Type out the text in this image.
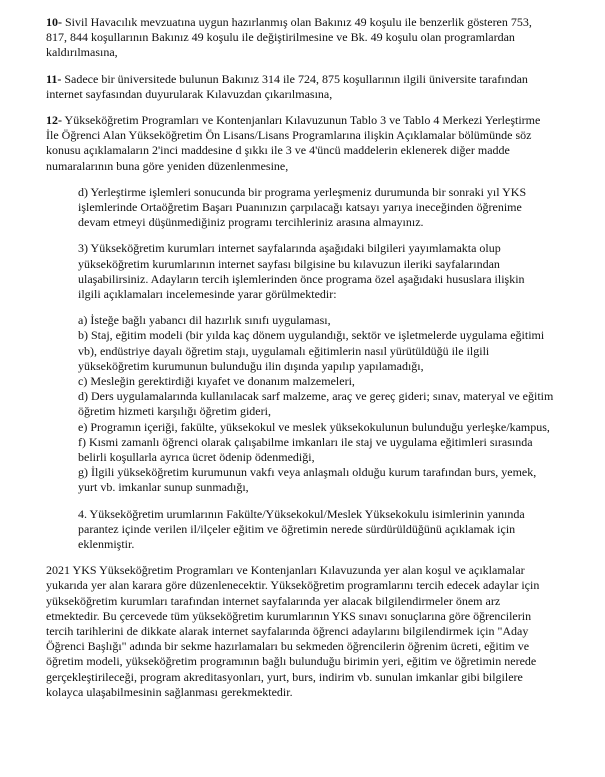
10- Sivil Havacılık mevzuatına uygun hazırlanmış olan Bakınız 49 koşulu ile benzerlik gösteren 753,
817, 844 koşullarının Bakınız 49 koşulu ile değiştirilmesine ve Bk. 49 koşulu olan programlardan
kaldırılmasına,
11- Sadece bir üniversitede bulunun Bakınız 314 ile 724, 875 koşullarının ilgili üniversite tarafından
internet sayfasından duyurularak Kılavuzdan çıkarılmasına,
12- Yükseköğretim Programları ve Kontenjanları Kılavuzunun Tablo 3 ve Tablo 4 Merkezi Yerleştirme
İle Öğrenci Alan Yükseköğretim Ön Lisans/Lisans Programlarına ilişkin Açıklamalar bölümünde söz
konusu açıklamaların 2'inci maddesine d şıkkı ile 3 ve 4'üncü maddelerin eklenerek diğer madde
numaralarının buna göre yeniden düzenlenmesine,
d) Yerleştirme işlemleri sonucunda bir programa yerleşmeniz durumunda bir sonraki yıl YKS
işlemlerinde Ortaöğretim Başarı Puanınızın çarpılacağı katsayı yarıya ineceğinden öğrenime
devam etmeyi düşünmediğiniz programı tercihleriniz arasına almayınız.
3) Yükseköğretim kurumları internet sayfalarında aşağıdaki bilgileri yayımlamakta olup
yükseköğretim kurumlarının internet sayfası bilgisine bu kılavuzun ileriki sayfalarından
ulaşabilirsiniz. Adayların tercih işlemlerinden önce programa özel aşağıdaki hususlara ilişkin
ilgili açıklamaları incelemesinde yarar görülmektedir:
a) İsteğe bağlı yabancı dil hazırlık sınıfı uygulaması,
b) Staj, eğitim modeli (bir yılda kaç dönem uygulandığı, sektör ve işletmelerde uygulama eğitimi
vb), endüstriye dayalı öğretim stajı, uygulamalı eğitimlerin nasıl yürütüldüğü ile ilgili
yükseköğretim kurumunun bulunduğu ilin dışında yapılıp yapılamadığı,
c) Mesleğin gerektirdiği kıyafet ve donanım malzemeleri,
d) Ders uygulamalarında kullanılacak sarf malzeme, araç ve gereç gideri; sınav, materyal ve eğitim
öğretim hizmeti karşılığı öğretim gideri,
e) Programın içeriği, fakülte, yüksekokul ve meslek yüksekokulunun bulunduğu yerleşke/kampus,
f) Kısmi zamanlı öğrenci olarak çalışabilme imkanları ile staj ve uygulama eğitimleri sırasında
belirli koşullarla ayrıca ücret ödenip ödenmediği,
g) İlgili yükseköğretim kurumunun vakfı veya anlaşmalı olduğu kurum tarafından burs, yemek,
yurt vb. imkanlar sunup sunmadığı,
4. Yükseköğretim urumlarının Fakülte/Yüksekokul/Meslek Yüksekokulu isimlerinin yanında
parantez içinde verilen il/ilçeler eğitim ve öğretimin nerede sürdürüldüğünü açıklamak için
eklenmiştir.
2021 YKS Yükseköğretim Programları ve Kontenjanları Kılavuzunda yer alan koşul ve açıklamalar
yukarıda yer alan karara göre düzenlenecektir. Yükseköğretim programlarını tercih edecek adaylar için
yükseköğretim kurumları tarafından internet sayfalarında yer alacak bilgilendirmeler önem arz
etmektedir. Bu çercevede tüm yükseköğretim kurumlarının YKS sınavı sonuçlarına göre öğrencilerin
tercih tarihlerini de dikkate alarak internet sayfalarında öğrenci adaylarını bilgilendirmek için "Aday
Öğrenci Başlığı" adında bir sekme hazırlamaları bu sekmeden öğrencilerin öğrenim ücreti, eğitim ve
öğretim modeli, yükseköğretim programının bağlı bulunduğu birimin yeri, eğitim ve öğretimin nerede
gerçekleştirileceği, program akreditasyonları, yurt, burs, indirim vb. sunulan imkanlar gibi bilgilere
kolayca ulaşabilmesinin sağlanması gerekmektedir.
